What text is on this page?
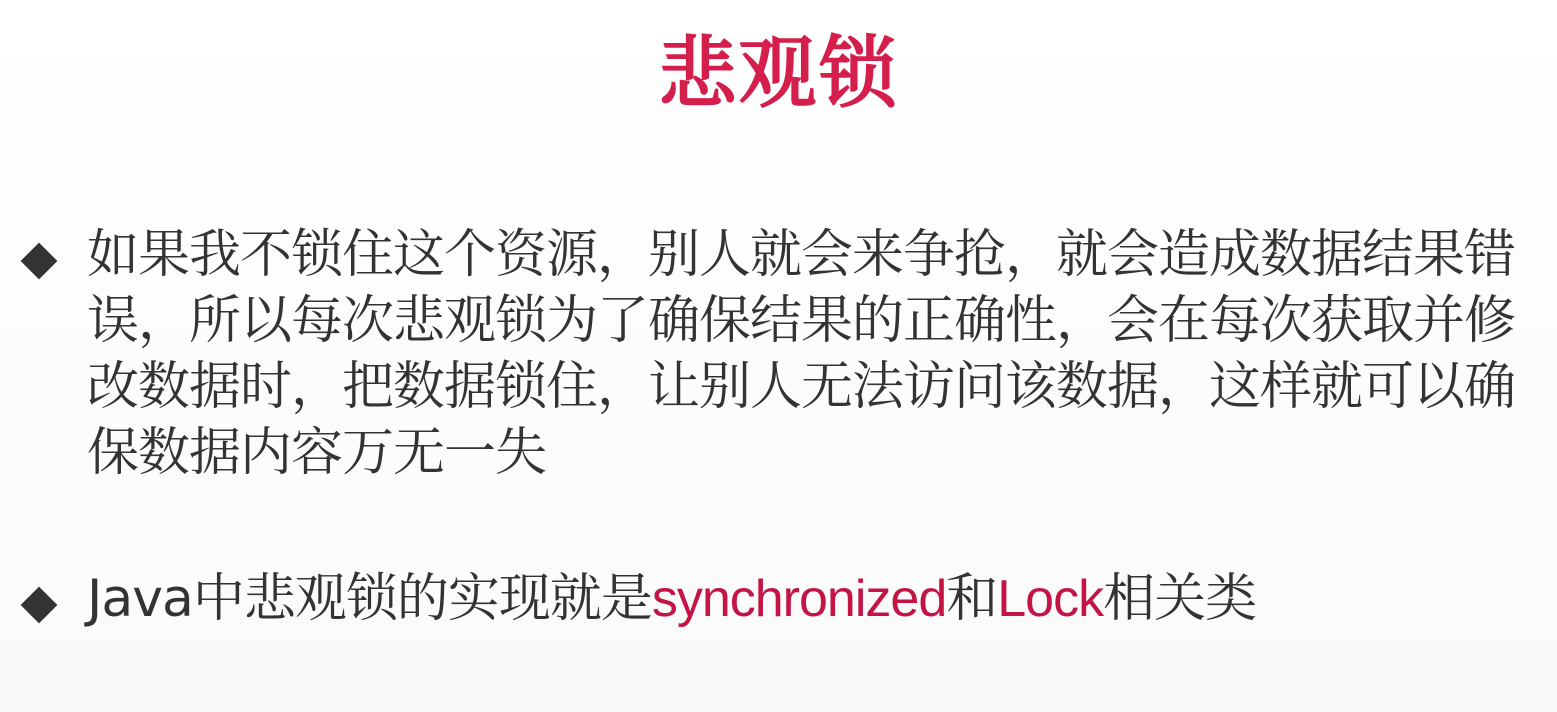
悲观锁

如果我不锁住这个资源，别人就会来争抢，就会造成数据结果错误，所以每次悲观锁为了确保结果的正确性，会在每次获取并修改数据时，把数据锁住，让别人无法访问该数据，这样就可以确保数据内容万无一失

Java中悲观锁的实现就是synchronized和Lock相关类
